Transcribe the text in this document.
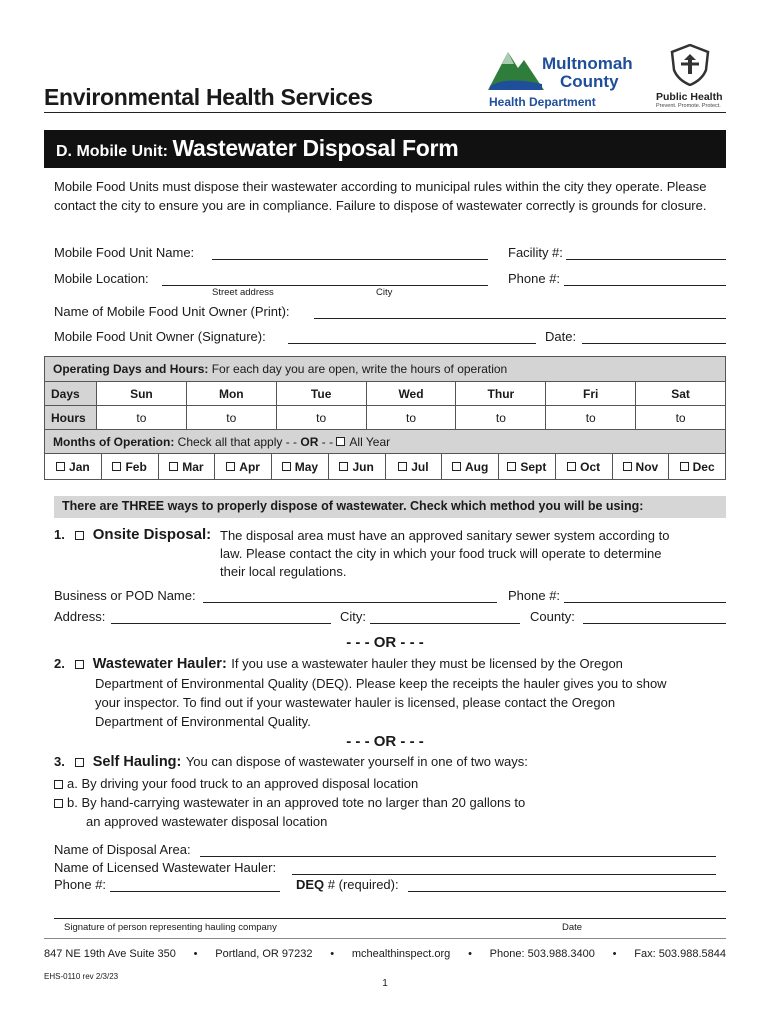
Environmental Health Services
Multnomah
County
Health Department	Public Health
Prevent. Promote. Protect.
D. Mobile Unit: Wastewater Disposal Form
Mobile Food Units must dispose their wastewater according to municipal rules within the city they operate. Please contact the city to ensure you are in compliance. Failure to dispose of wastewater correctly is grounds for closure.
Mobile Food Unit Name:	Facility #:
Mobile Location:	Phone #:
Street address	City
Name of Mobile Food Unit Owner (Print):
Mobile Food Unit Owner (Signature):	Date:
Operating Days and Hours:
For each day you are open, write the hours of operation
Days	Sun	Mon	Tue	Wed	Thur	Fri	Sat
Hours	to	to	to	to	to	to	to
Months of Operation:
Check all that apply - -
OR
- -
All Year
Jan	Feb	Mar	Apr	May	Jun	Jul	Aug	Sept	Oct	Nov	Dec
There are THREE ways to properly dispose of wastewater. Check which method you will be using:
1. Onsite Disposal: The disposal area must have an approved sanitary sewer system according to
law. Please contact the city in which your food truck will operate to determine
their local regulations.
Business or POD Name:	Phone #:
Address:	City:	County:
- - - OR - - -
2. Wastewater Hauler: If you use a wastewater hauler they must be licensed by the Oregon
Department of Environmental Quality (DEQ). Please keep the receipts the hauler gives you to show
your inspector. To find out if your wastewater hauler is licensed, please contact the Oregon
Department of Environmental Quality.
- - - OR - - -
3. Self Hauling: You can dispose of wastewater yourself in one of two ways:
a. By driving your food truck to an approved disposal location
b. By hand-carrying wastewater in an approved tote no larger than 20 gallons to
an approved wastewater disposal location
Name of Disposal Area:
Name of Licensed Wastewater Hauler:
Phone #:	DEQ # (required):
Signature of person representing hauling company	Date
847 NE 19th Ave Suite 350 • Portland, OR 97232 • mchealthinspect.org • Phone: 503.988.3400 • Fax: 503.988.5844
EHS-0110 rev 2/3/23
1
